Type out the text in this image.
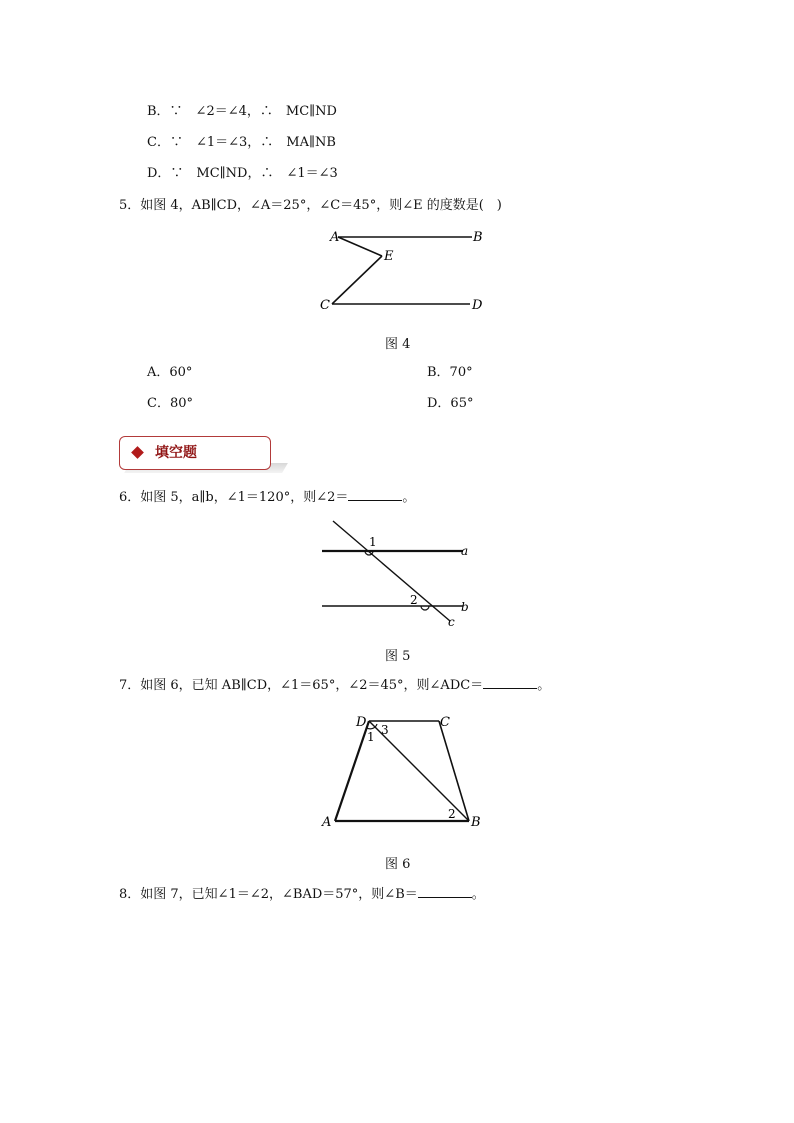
B．∵　∠2＝∠4，∴　MC∥ND
C．∵　∠1＝∠3，∴　MA∥NB
D．∵　MC∥ND，∴　∠1＝∠3
5．如图 4，AB∥CD，∠A＝25°，∠C＝45°，则∠E 的度数是(　)
A	B
E
C	D
图 4
A．60°	B．70°
C．80°	D．65°
填空题
6．如图 5，a∥b，∠1＝120°，则∠2＝	。
1
2
a
b
c
图 5
7．如图 6，已知 AB∥CD，∠1＝65°，∠2＝45°，则∠ADC＝	。
D	C
A	B
1 3
2
图 6
8．如图 7，已知∠1＝∠2，∠BAD＝57°，则∠B＝	。
